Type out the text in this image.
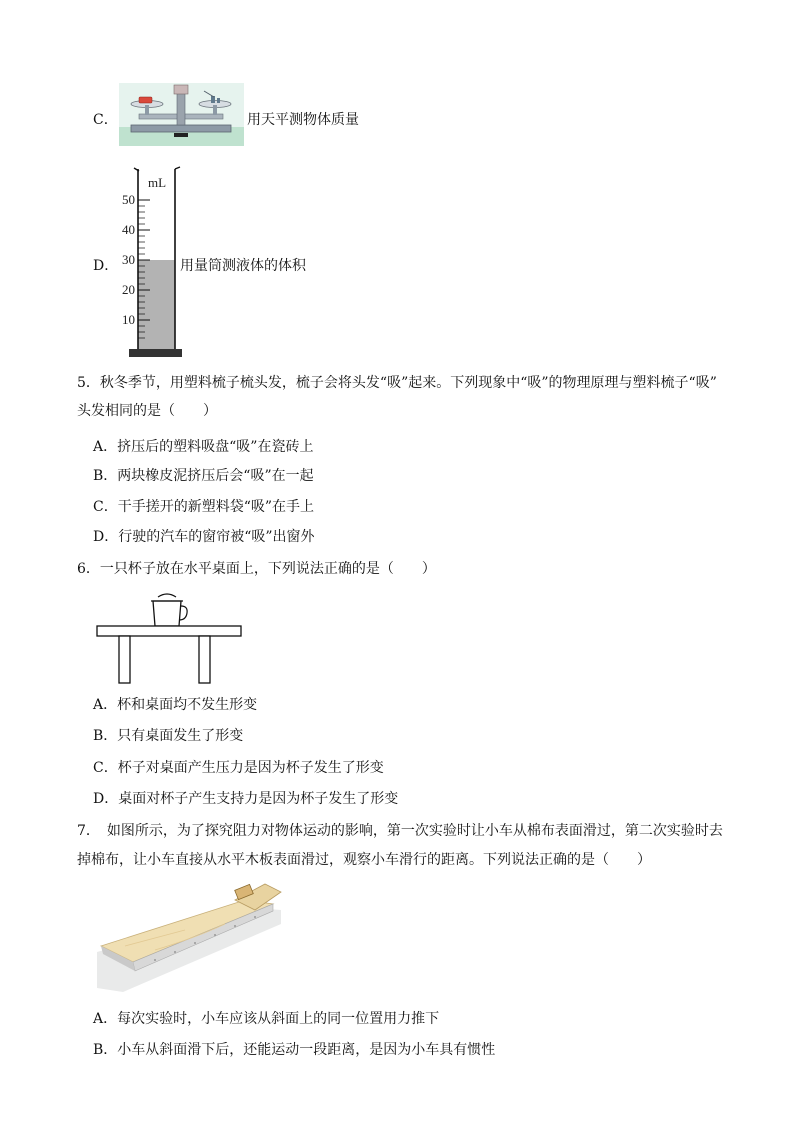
C．	用天平测物体质量
D．
mL
50
40
30
20
10
用量筒测液体的体积
5．秋冬季节，用塑料梳子梳头发，梳子会将头发“吸”起来。下列现象中“吸”的物理原理与塑料梳子“吸”
头发相同的是（　　）
A．挤压后的塑料吸盘“吸”在瓷砖上
B．两块橡皮泥挤压后会“吸”在一起
C．干手搓开的新塑料袋“吸”在手上
D．行驶的汽车的窗帘被“吸”出窗外
6．一只杯子放在水平桌面上，下列说法正确的是（　　）
A．杯和桌面均不发生形变
B．只有桌面发生了形变
C．杯子对桌面产生压力是因为杯子发生了形变
D．桌面对杯子产生支持力是因为杯子发生了形变
7．　如图所示，为了探究阻力对物体运动的影响，第一次实验时让小车从棉布表面滑过，第二次实验时去
掉棉布，让小车直接从水平木板表面滑过，观察小车滑行的距离。下列说法正确的是（　　）
A．每次实验时，小车应该从斜面上的同一位置用力推下
B．小车从斜面滑下后，还能运动一段距离，是因为小车具有惯性
